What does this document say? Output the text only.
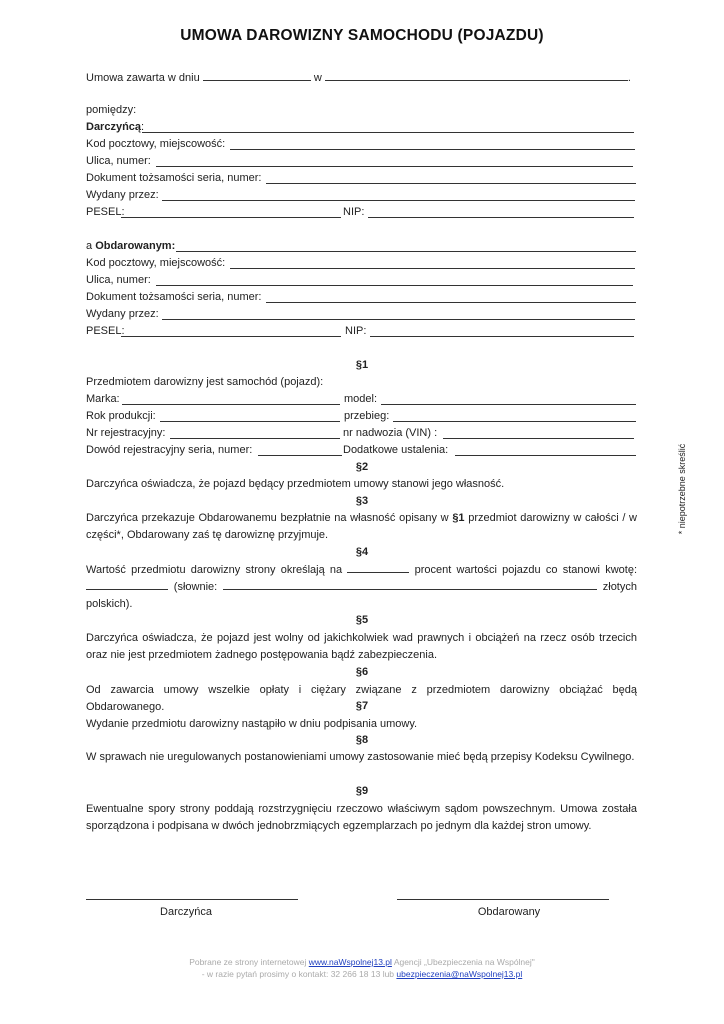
UMOWA DAROWIZNY SAMOCHODU (POJAZDU)
Umowa zawarta w dniu	w	.
pomiędzy:
Darczyńcą:
Kod pocztowy, miejscowość:
Ulica, numer:
Dokument tożsamości seria, numer:
Wydany przez:
PESEL:	NIP:
a Obdarowanym:
Kod pocztowy, miejscowość:
Ulica, numer:
Dokument tożsamości seria, numer:
Wydany przez:
PESEL:	NIP:
§1
Przedmiotem darowizny jest samochód (pojazd):
Marka:	model:
Rok produkcji:	przebieg:
Nr rejestracyjny:	nr nadwozia (VIN) :
Dowód rejestracyjny seria, numer:	Dodatkowe ustalenia:
§2
Darczyńca oświadcza, że pojazd będący przedmiotem umowy stanowi jego własność.
§3
Darczyńca przekazuje Obdarowanemu bezpłatnie na własność opisany w §1 przedmiot darowizny w całości / w części*, Obdarowany zaś tę darowiznę przyjmuje.
§4
Wartość przedmiotu darowizny strony określają na	procent wartości pojazdu co stanowi kwotę:  (słownie:	złotych polskich).
§5
Darczyńca oświadcza, że pojazd jest wolny od jakichkolwiek wad prawnych i obciążeń na rzecz osób trzecich oraz nie jest przedmiotem żadnego postępowania bądź zabezpieczenia.
§6
Od zawarcia umowy wszelkie opłaty i ciężary związane z przedmiotem darowizny obciążać będą Obdarowanego.	§7
Wydanie przedmiotu darowizny nastąpiło w dniu podpisania umowy.
§8
W sprawach nie uregulowanych postanowieniami umowy zastosowanie mieć będą przepisy Kodeksu Cywilnego.
§9
Ewentualne spory strony poddają rozstrzygnięciu rzeczowo właściwym sądom powszechnym. Umowa została sporządzona i podpisana w dwóch jednobrzmiących egzemplarzach po jednym dla każdej stron umowy.
* niepotrzebne skreślić
Darczyńca	Obdarowany
Pobrane ze strony internetowej www.naWspolnej13.pl Agencji „Ubezpieczenia na Wspólnej"
- w razie pytań prosimy o kontakt: 32 266 18 13 lub ubezpieczenia@naWspolnej13.pl
